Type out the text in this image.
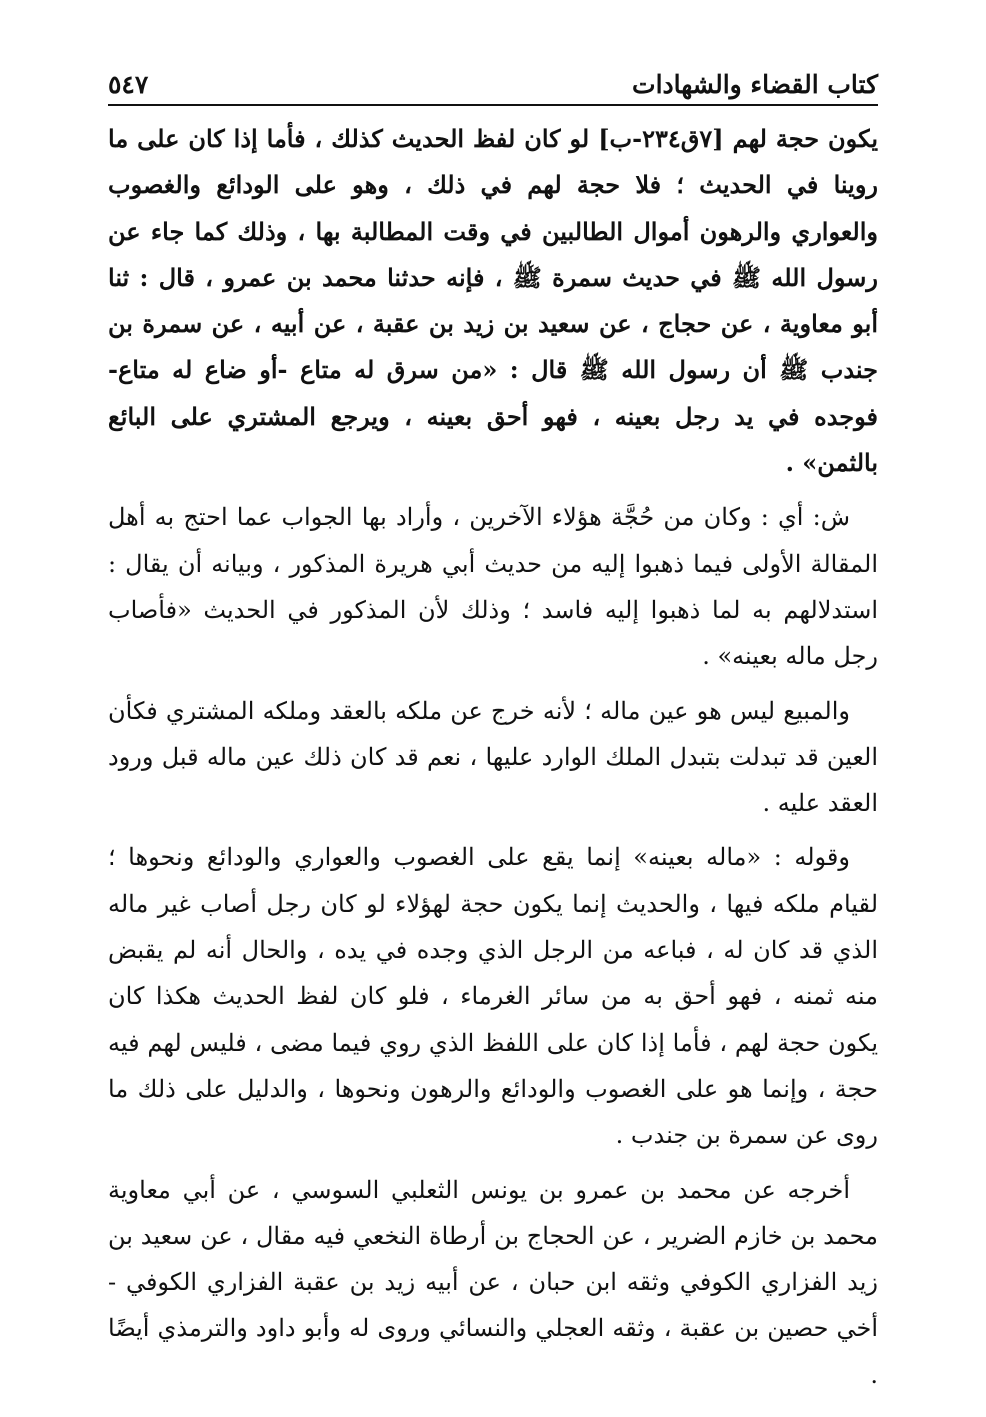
كتاب القضاء والشهادات
٥٤٧

يكون حجة لهم [٧ق٢٣٤-ب] لو كان لفظ الحديث كذلك ، فأما إذا كان على ما روينا في الحديث ؛ فلا حجة لهم في ذلك ، وهو على الودائع والغصوب والعواري والرهون أموال الطالبين في وقت المطالبة بها ، وذلك كما جاء عن رسول الله ﷺ في حديث سمرة ﷺ ، فإنه حدثنا محمد بن عمرو ، قال : ثنا أبو معاوية ، عن حجاج ، عن سعيد بن زيد بن عقبة ، عن أبيه ، عن سمرة بن جندب ﷺ أن رسول الله ﷺ قال : «من سرق له متاع -أو ضاع له متاع- فوجده في يد رجل بعينه ، فهو أحق بعينه ، ويرجع المشتري على البائع بالثمن» .

ش: أي : وكان من حُجَّة هؤلاء الآخرين ، وأراد بها الجواب عما احتج به أهل المقالة الأولى فيما ذهبوا إليه من حديث أبي هريرة المذكور ، وبيانه أن يقال : استدلالهم به لما ذهبوا إليه فاسد ؛ وذلك لأن المذكور في الحديث «فأصاب رجل ماله بعينه» .

والمبيع ليس هو عين ماله ؛ لأنه خرج عن ملكه بالعقد وملكه المشتري فكأن العين قد تبدلت بتبدل الملك الوارد عليها ، نعم قد كان ذلك عين ماله قبل ورود العقد عليه .

وقوله : «ماله بعينه» إنما يقع على الغصوب والعواري والودائع ونحوها ؛ لقيام ملكه فيها ، والحديث إنما يكون حجة لهؤلاء لو كان رجل أصاب غير ماله الذي قد كان له ، فباعه من الرجل الذي وجده في يده ، والحال أنه لم يقبض منه ثمنه ، فهو أحق به من سائر الغرماء ، فلو كان لفظ الحديث هكذا كان يكون حجة لهم ، فأما إذا كان على اللفظ الذي روي فيما مضى ، فليس لهم فيه حجة ، وإنما هو على الغصوب والودائع والرهون ونحوها ، والدليل على ذلك ما روى عن سمرة بن جندب .

أخرجه عن محمد بن عمرو بن يونس الثعلبي السوسي ، عن أبي معاوية محمد بن خازم الضرير ، عن الحجاج بن أرطاة النخعي فيه مقال ، عن سعيد بن زيد الفزاري الكوفي وثقه ابن حبان ، عن أبيه زيد بن عقبة الفزاري الكوفي - أخي حصين بن عقبة ، وثقه العجلي والنسائي وروى له وأبو داود والترمذي أيضًا .
